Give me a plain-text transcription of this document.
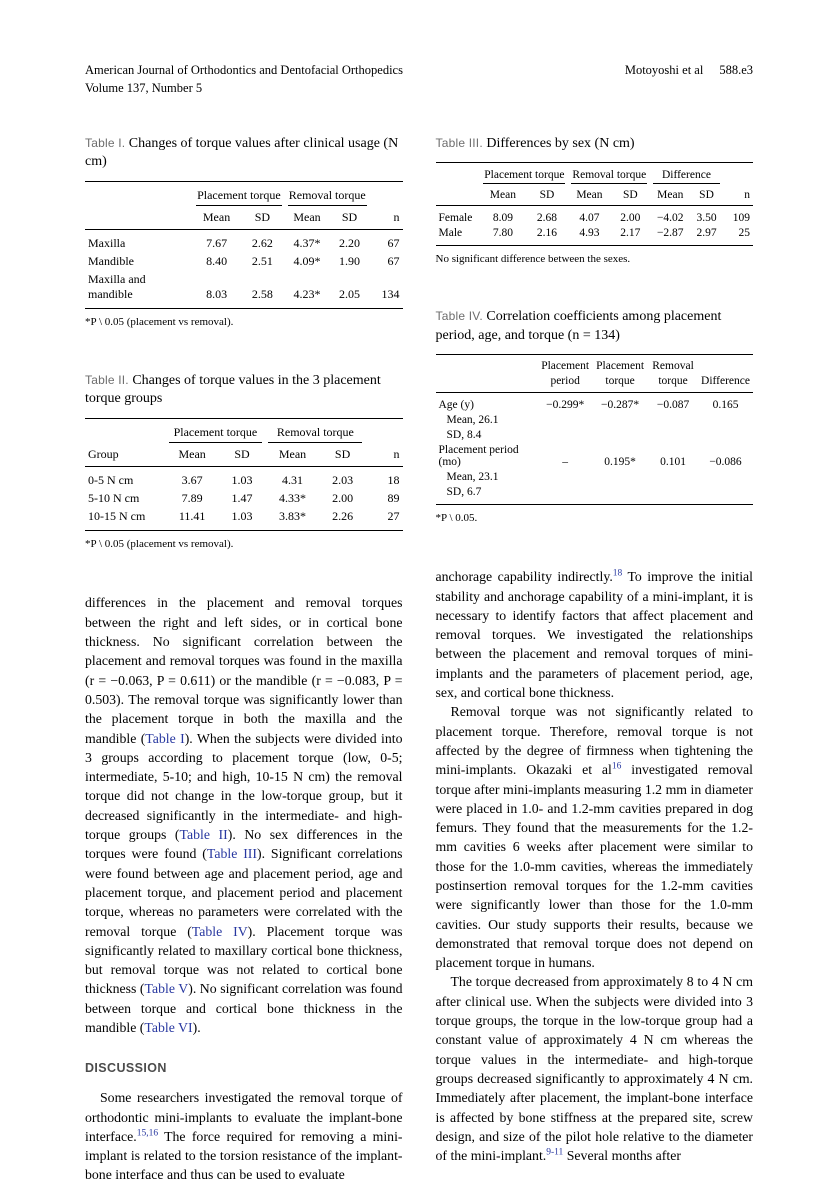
American Journal of Orthodontics and Dentofacial Orthopedics
Volume 137, Number 5
Motoyoshi et al 588.e3

Table I. Changes of torque values after clinical usage (N cm)

	Placement torque		Removal torque		

	Mean	SD	Mean	SD	n
Maxilla	7.67	2.62	4.37*	2.20	67
Mandible	8.40	2.51	4.09*	1.90	67
Maxilla and mandible	8.03	2.58	4.23*	2.05	134

*P \ 0.05 (placement vs removal).

Table II. Changes of torque values in the 3 placement torque groups

	Placement torque		Removal torque		

Group	Mean	SD	Mean	SD	n
0-5 N cm	3.67	1.03	4.31	2.03	18
5-10 N cm	7.89	1.47	4.33*	2.00	89
10-15 N cm	11.41	1.03	3.83*	2.26	27

*P \ 0.05 (placement vs removal).

differences in the placement and removal torques between the right and left sides, or in cortical bone thickness. No significant correlation between the placement and removal torques was found in the maxilla (r = −0.063, P = 0.611) or the mandible (r = −0.083, P = 0.503). The removal torque was significantly lower than the placement torque in both the maxilla and the mandible (Table I). When the subjects were divided into 3 groups according to placement torque (low, 0-5; intermediate, 5-10; and high, 10-15 N cm) the removal torque did not change in the low-torque group, but it decreased significantly in the intermediate- and high-torque groups (Table II). No sex differences in the torques were found (Table III). Significant correlations were found between age and placement period, age and placement torque, and placement period and placement torque, whereas no parameters were correlated with the removal torque (Table IV). Placement torque was significantly related to maxillary cortical bone thickness, but removal torque was not related to cortical bone thickness (Table V). No significant correlation was found between torque and cortical bone thickness in the mandible (Table VI).

DISCUSSION

Some researchers investigated the removal torque of orthodontic mini-implants to evaluate the implant-bone interface.$^{15,16}$ The force required for removing a mini-implant is related to the torsion resistance of the implant-bone interface and thus can be used to evaluate

Table III. Differences by sex (N cm)

	Placement torque		Removal torque		Difference		

	Mean	SD	Mean	SD	Mean	SD	n
Female	8.09	2.68	4.07	2.00	−4.02	3.50	109
Male	7.80	2.16	4.93	2.17	−2.87	2.97	25

No significant difference between the sexes.

Table IV. Correlation coefficients among placement period, age, and torque (n = 134)

	Placement period	Placement torque	Removal torque	Difference
Age (y)	−0.299*	−0.287*	−0.087	0.165
Mean, 26.1				
SD, 8.4				
Placement period (mo)	–	0.195*	0.101	−0.086
Mean, 23.1				
SD, 6.7				

*P \ 0.05.

anchorage capability indirectly.$^{18}$ To improve the initial stability and anchorage capability of a mini-implant, it is necessary to identify factors that affect placement and removal torques. We investigated the relationships between the placement and removal torques of mini-implants and the parameters of placement period, age, sex, and cortical bone thickness.

Removal torque was not significantly related to placement torque. Therefore, removal torque is not affected by the degree of firmness when tightening the mini-implants. Okazaki et al$^{16}$ investigated removal torque after mini-implants measuring 1.2 mm in diameter were placed in 1.0- and 1.2-mm cavities prepared in dog femurs. They found that the measurements for the 1.2-mm cavities 6 weeks after placement were similar to those for the 1.0-mm cavities, whereas the immediately postinsertion removal torques for the 1.2-mm cavities were significantly lower than those for the 1.0-mm cavities. Our study supports their results, because we demonstrated that removal torque does not depend on placement torque in humans.

The torque decreased from approximately 8 to 4 N cm after clinical use. When the subjects were divided into 3 torque groups, the torque in the low-torque group had a constant value of approximately 4 N cm whereas the torque values in the intermediate- and high-torque groups decreased significantly to approximately 4 N cm. Immediately after placement, the implant-bone interface is affected by bone stiffness at the prepared site, screw design, and size of the pilot hole relative to the diameter of the mini-implant.$^{9-11}$ Several months after
